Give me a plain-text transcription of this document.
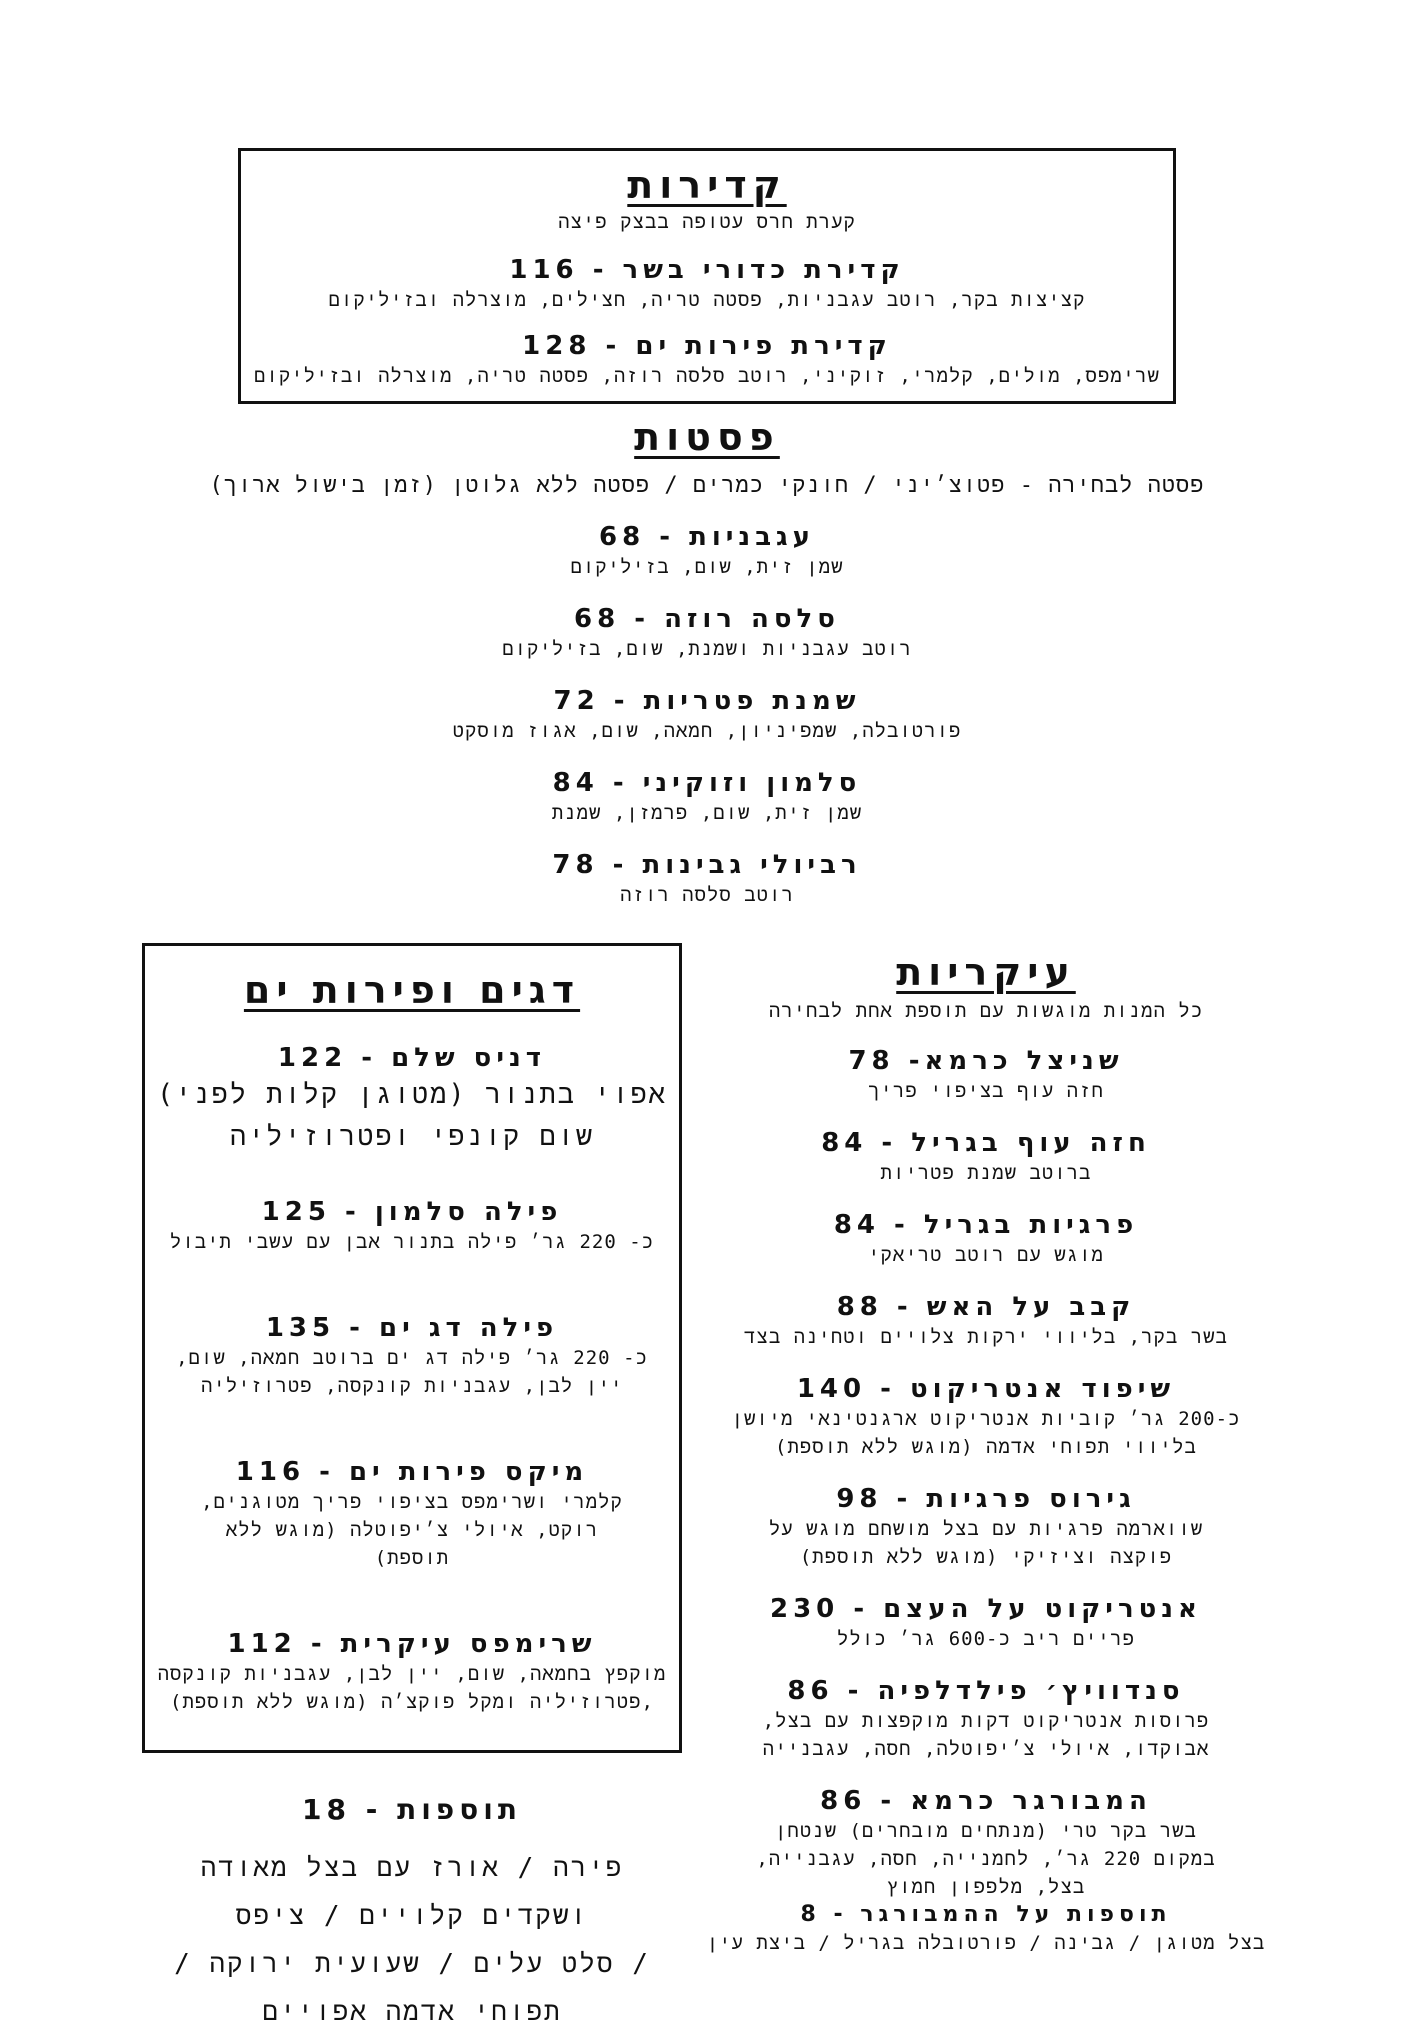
קדירות
קערת חרס עטופה בבצק פיצה
קדירת כדורי בשר - 116
קציצות בקר, רוטב עגבניות, פסטה טריה, חצילים, מוצרלה ובזיליקום
קדירת פירות ים - 128
שרימפס, מולים, קלמרי, זוקיני, רוטב סלסה רוזה, פסטה טריה, מוצרלה ובזיליקום
פסטות
פסטה לבחירה - פטוצ׳יני / חונקי כמרים / פסטה ללא גלוטן (זמן בישול ארוך)
עגבניות - 68
שמן זית, שום, בזיליקום
סלסה רוזה - 68
רוטב עגבניות ושמנת, שום, בזיליקום
שמנת פטריות - 72
פורטובלה, שמפיניון, חמאה, שום, אגוז מוסקט
סלמון וזוקיני - 84
שמן זית, שום, פרמזן, שמנת
רביולי גבינות - 78
רוטב סלסה רוזה
עיקריות
כל המנות מוגשות עם תוספת אחת לבחירה
שניצל כרמא- 78
חזה עוף בציפוי פריך
חזה עוף בגריל - 84
ברוטב שמנת פטריות
פרגיות בגריל - 84
מוגש עם רוטב טריאקי
קבב על האש - 88
בשר בקר, בליווי ירקות צלויים וטחינה בצד
שיפוד אנטריקוט - 140
כ-200 גר׳ קוביות אנטריקוט ארגנטינאי מיושן בליווי תפוחי אדמה (מוגש ללא תוספת)
גירוס פרגיות - 98
שווארמה פרגיות עם בצל מושחם מוגש על פוקצה וציזיקי (מוגש ללא תוספת)
אנטריקוט על העצם - 230
פריים ריב כ-600 גר׳ כולל
סנדוויץ׳ פילדלפיה - 86
פרוסות אנטריקוט דקות מוקפצות עם בצל, אבוקדו, איולי צ׳יפוטלה, חסה, עגבנייה
המבורגר כרמא - 86
בשר בקר טרי (מנתחים מובחרים) שנטחן במקום 220 גר׳, לחמנייה, חסה, עגבנייה, בצל, מלפפון חמוץ
תוספות על ההמבורגר - 8
בצל מטוגן / גבינה / פורטובלה בגריל / ביצת עין
דגים ופירות ים
דניס שלם - 122
אפוי בתנור (מטוגן קלות לפני) שום קונפי ופטרוזיליה
פילה סלמון - 125
כ- 220 גר׳ פילה בתנור אבן עם עשבי תיבול
פילה דג ים - 135
כ- 220 גר׳ פילה דג ים ברוטב חמאה, שום, יין לבן, עגבניות קונקסה, פטרוזיליה
מיקס פירות ים - 116
קלמרי ושרימפס בציפוי פריך מטוגנים, רוקט, איולי צ׳יפוטלה (מוגש ללא תוספת)
שרימפס עיקרית - 112
מוקפץ בחמאה, שום, יין לבן, עגבניות קונקסה ,פטרוזיליה ומקל פוקצ׳ה (מוגש ללא תוספת)
תוספות - 18
פירה / אורז עם בצל מאודה ושקדים קלויים / ציפס
/ סלט עלים / שעועית ירוקה / תפוחי אדמה אפויים
